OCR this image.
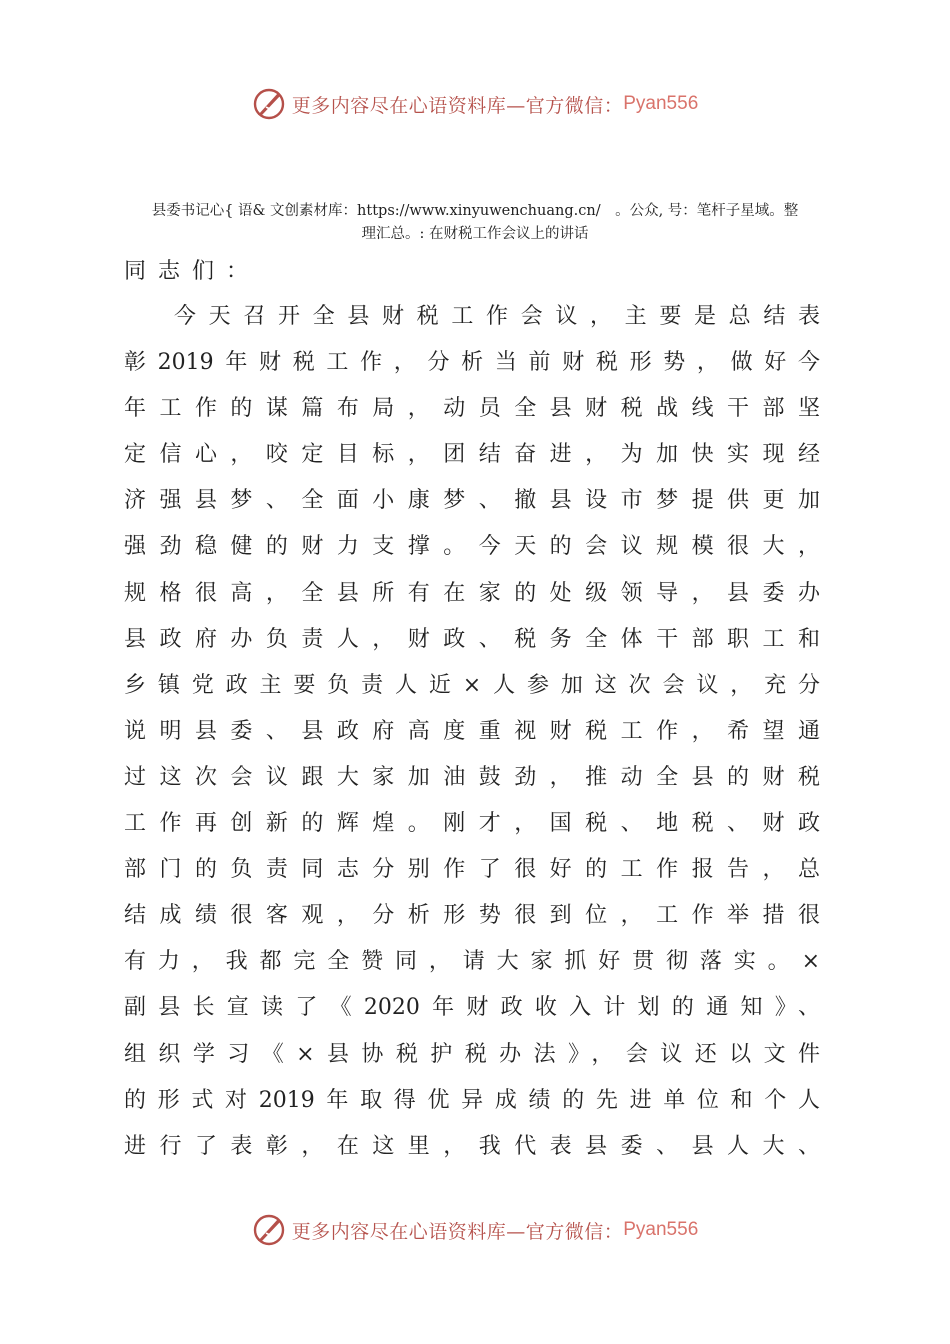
更多内容尽在心语资料库—官方微信： Pyan556
县委书记心{ 语& 文创素材库：https://www.xinyuwenchuang.cn/　。公众, 号：笔杆子星域。整
理汇总。: 在财税工作会议上的讲话
同志们：
今天召开全县财税工作会议，主要是总结表
彰2019年财税工作，分析当前财税形势，做好今
年工作的谋篇布局，动员全县财税战线干部坚
定信心，咬定目标，团结奋进，为加快实现经
济强县梦、全面小康梦、撤县设市梦提供更加
强劲稳健的财力支撑。今天的会议规模很大，
规格很高，全县所有在家的处级领导，县委办
县政府办负责人，财政、税务全体干部职工和
乡镇党政主要负责人近×人参加这次会议，充分
说明县委、县政府高度重视财税工作，希望通
过这次会议跟大家加油鼓劲，推动全县的财税
工作再创新的辉煌。刚才，国税、地税、财政
部门的负责同志分别作了很好的工作报告，总
结成绩很客观，分析形势很到位，工作举措很
有力，我都完全赞同，请大家抓好贯彻落实。×
副县长宣读了《2020年财政收入计划的通知》、
组织学习《×县协税护税办法》，会议还以文件
的形式对2019年取得优异成绩的先进单位和个人
进行了表彰，在这里，我代表县委、县人大、
更多内容尽在心语资料库—官方微信： Pyan556
